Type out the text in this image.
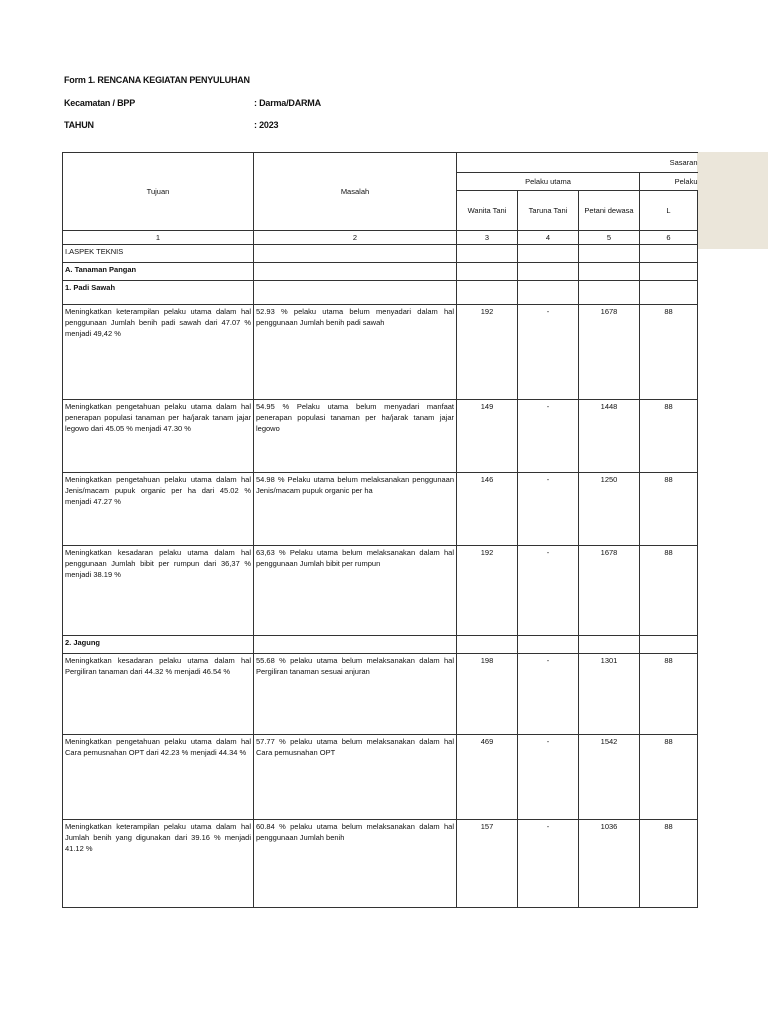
Form 1. RENCANA KEGIATAN PENYULUHAN
Kecamatan / BPP	: Darma/DARMA
TAHUN	: 2023
Tujuan	Masalah	Sasaran			
		Pelaku utama			Pelaku
		Wanita Tani	Taruna Tani	Petani dewasa	L
1	2	3	4	5	6
I.ASPEK TEKNIS					
A. Tanaman Pangan					
1. Padi Sawah					
Meningkatkan keterampilan pelaku utama dalam hal penggunaan Jumlah benih padi sawah dari 47.07 % menjadi 49,42 %	52.93 % pelaku utama belum menyadari dalam hal penggunaan Jumlah benih padi sawah	192	-	1678	88
Meningkatkan pengetahuan pelaku utama dalam hal penerapan populasi tanaman per ha/jarak tanam jajar legowo dari 45.05 % menjadi 47.30 %	54.95 % Pelaku utama belum menyadari manfaat penerapan populasi tanaman per ha/jarak tanam jajar legowo	149	-	1448	88
Meningkatkan pengetahuan pelaku utama dalam hal Jenis/macam pupuk organic per ha dari 45.02 % menjadi 47.27 %	54.98 % Pelaku utama belum melaksanakan penggunaan Jenis/macam pupuk organic per ha	146	-	1250	88
Meningkatkan kesadaran pelaku utama dalam hal penggunaan Jumlah bibit per rumpun dari 36,37 % menjadi 38.19 %	63,63 % Pelaku utama belum melaksanakan dalam hal penggunaan Jumlah bibit per rumpun	192	-	1678	88
2. Jagung					
Meningkatkan kesadaran pelaku utama dalam hal Pergiliran tanaman dari 44.32 % menjadi 46.54 %	55.68 % pelaku utama belum melaksanakan dalam hal Pergiliran tanaman sesuai anjuran	198	-	1301	88
Meningkatkan pengetahuan pelaku utama dalam hal Cara pemusnahan OPT dari 42.23 % menjadi 44.34 %	57.77 % pelaku utama belum melaksanakan dalam hal Cara pemusnahan OPT	469	-	1542	88
Meningkatkan keterampilan pelaku utama dalam hal Jumlah benih yang digunakan dari 39.16 % menjadi 41.12 %	60.84 % pelaku utama belum melaksanakan dalam hal penggunaan Jumlah benih	157	-	1036	88
